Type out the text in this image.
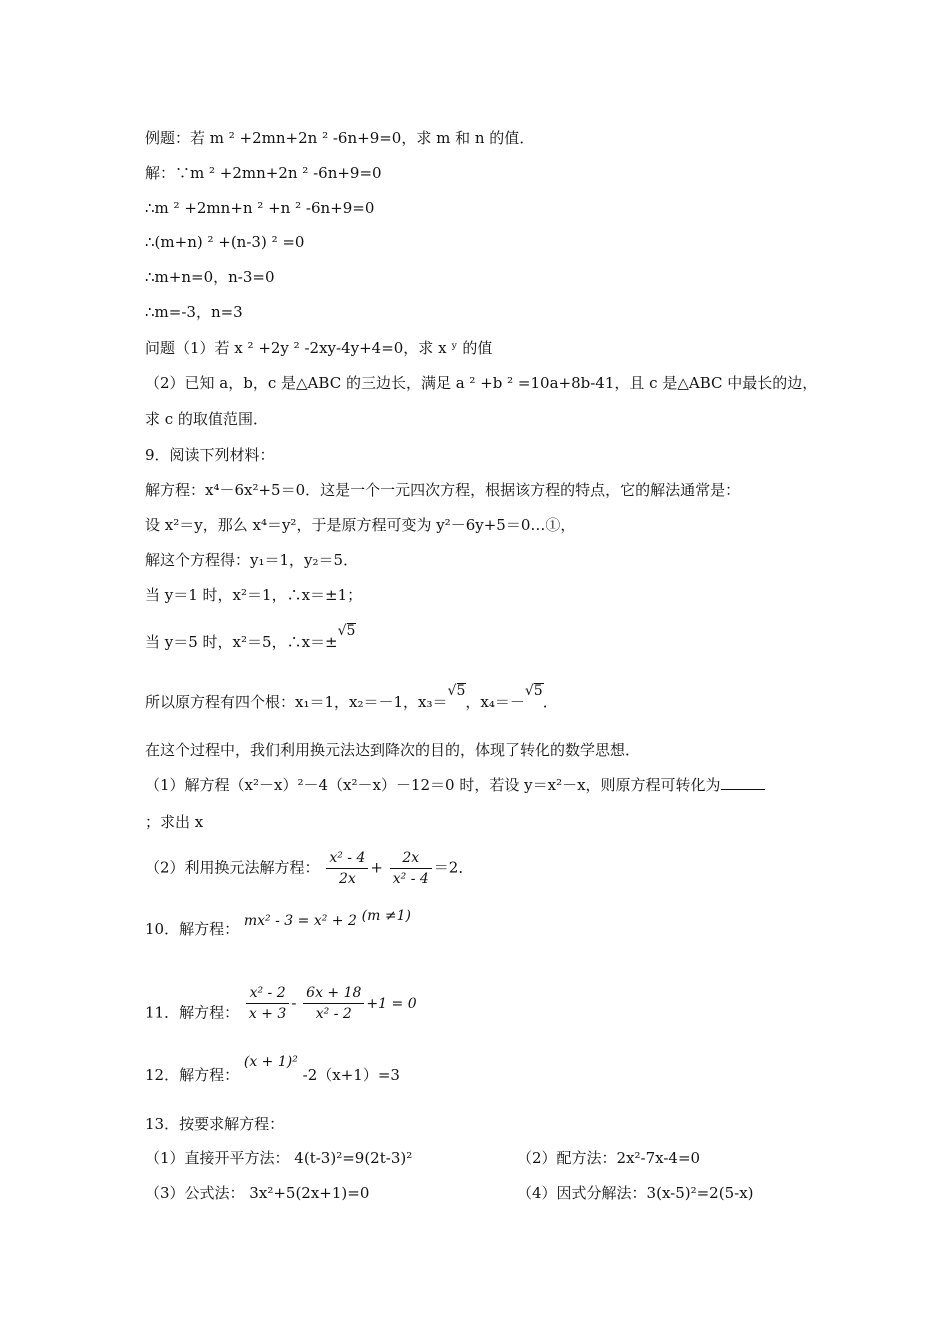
例题：若 m ² +2mn+2n ² -6n+9=0，求 m 和 n 的值．
解：∵m ² +2mn+2n ² -6n+9=0
∴m ² +2mn+n ² +n ² -6n+9=0
∴(m+n) ² +(n-3) ² =0
∴m+n=0，n-3=0
∴m=-3，n=3
问题（1）若 x ² +2y ² -2xy-4y+4=0，求 x ʸ 的值
（2）已知 a，b，c 是△ABC 的三边长，满足 a ² +b ² =10a+8b-41，且 c 是△ABC 中最长的边，
求 c 的取值范围．
9．阅读下列材料：
解方程：x⁴－6x²+5＝0．这是一个一元四次方程，根据该方程的特点，它的解法通常是：
设 x²＝y，那么 x⁴＝y²，于是原方程可变为 y²－6y+5＝0…①，
解这个方程得：y₁＝1，y₂＝5．
当 y＝1 时，x²＝1，∴x＝±1；
当 y＝5 时，x²＝5，∴x＝±√5
所以原方程有四个根：x₁＝1，x₂＝－1，x₃＝√5，x₄＝－√5．
在这个过程中，我们利用换元法达到降次的目的，体现了转化的数学思想．
（1）解方程（x²－x）²－4（x²－x）－12＝0 时，若设 y＝x²－x，则原方程可转化为
；求出 x
（2）利用换元法解方程： $\frac{\text{x² - 4}}{2x} + \frac{2x}{\text{x² - 4}} =2$．
10．解方程： mx² - 3 = x² + 2 (m ≠1)
11．解方程： $\frac{\text{x² - 2}}{x + 3} - \frac{6x + 18}{\text{x² - 2}} +1 = 0$
12．解方程： (x + 1)² -2（x+1）=3
13．按要求解方程：
（1）直接开平方法： 4(t-3)²=9(2t-3)²	（2）配方法：2x²-7x-4=0
（3）公式法： 3x²+5(2x+1)=0	（4）因式分解法：3(x-5)²=2(5-x)
